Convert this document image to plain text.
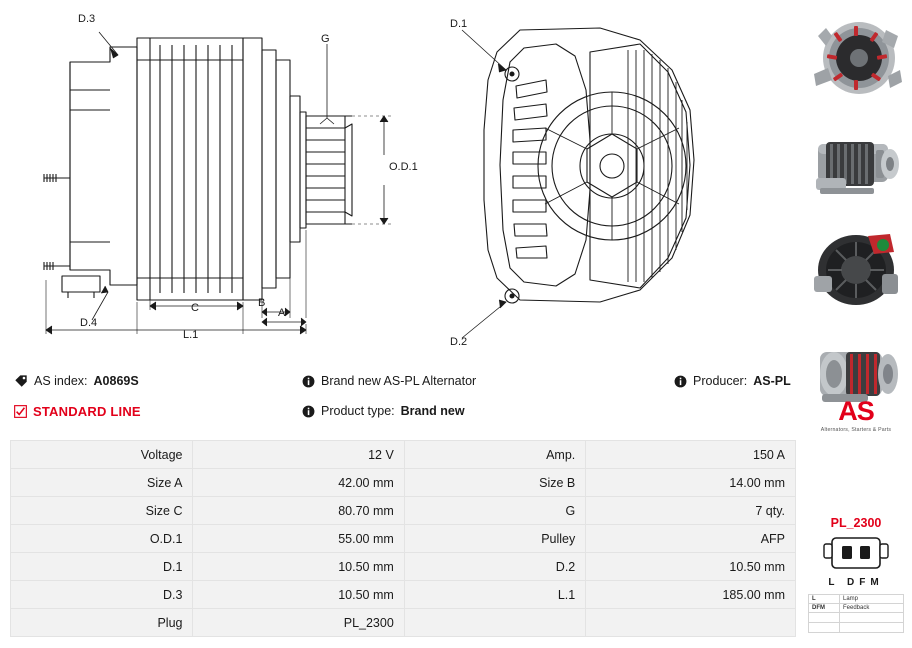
D.3
G
O.D.1
D.4
C	B
A
L.1
D.1
D.2
AS
Alternators, Starters & Parts
PL_2300
L DFM
L	Lamp
DFM	Feedback

AS index: A0869S
STANDARD LINE
Brand new AS-PL Alternator
Product type: Brand new
Producer: AS-PL
Voltage	12 V	Amp.	150 A
Size A	42.00 mm	Size B	14.00 mm
Size C	80.70 mm	G	7 qty.
O.D.1	55.00 mm	Pulley	AFP
D.1	10.50 mm	D.2	10.50 mm
D.3	10.50 mm	L.1	185.00 mm
Plug	PL_2300		
